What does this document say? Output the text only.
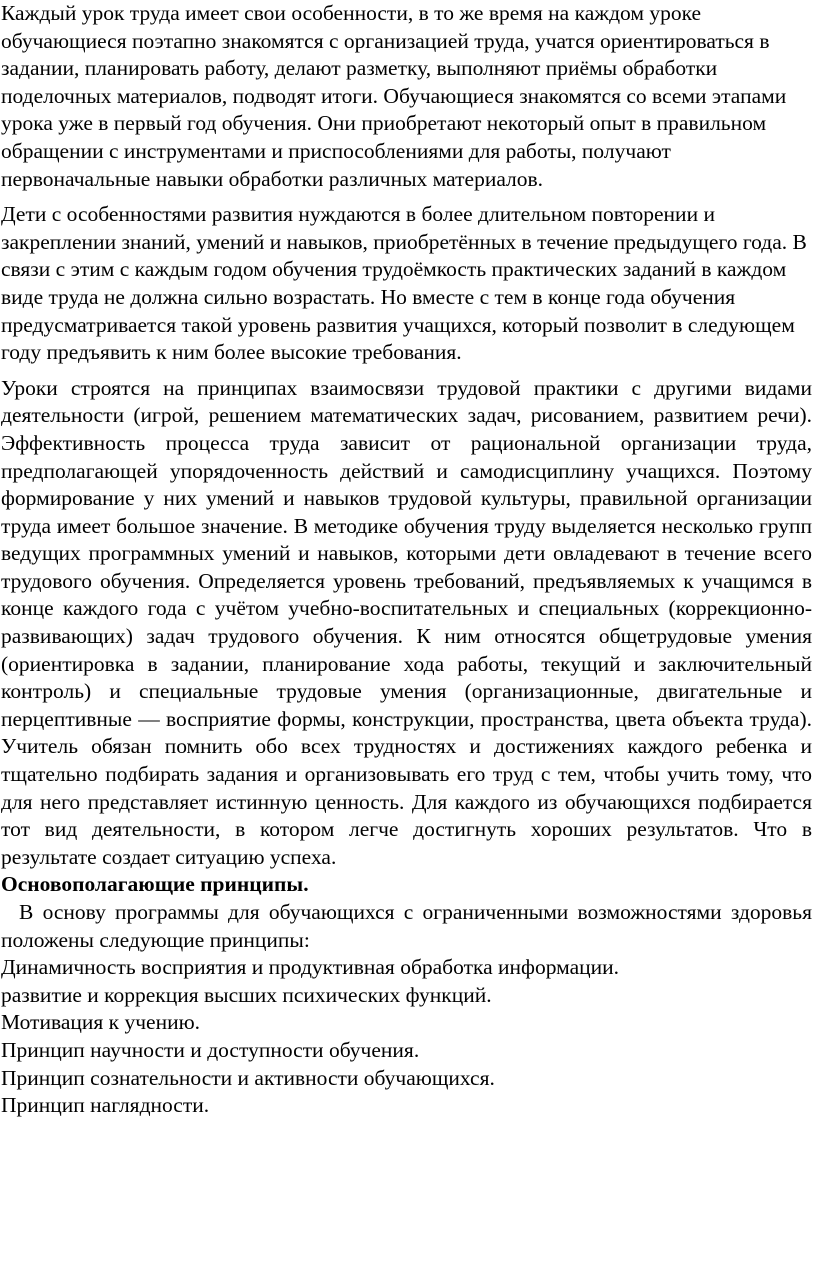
Каждый урок труда имеет свои особенности, в то же время на каждом уроке обучающиеся поэтапно знакомятся с организацией труда, учатся ориентироваться в задании, планировать работу, делают разметку, выполняют приёмы обработки поделочных материалов, подводят итоги. Обучающиеся знакомятся со всеми этапами урока уже в первый год обучения. Они приобретают некоторый опыт в правильном обращении с инструментами и приспособлениями для работы, получают первоначальные навыки обработки различных материалов.

Дети с особенностями развития нуждаются в более длительном повторении и закреплении знаний, умений и навыков, приобретённых в течение предыдущего года. В связи с этим с каждым годом обучения трудоёмкость практических заданий в каждом виде труда не должна сильно возрастать. Но вместе с тем в конце года обучения предусматривается такой уровень развития учащихся, который позволит в следующем году предъявить к ним более высокие требования.

Уроки строятся на принципах взаимосвязи трудовой практики с другими видами деятельности (игрой, решением математических задач, рисованием, развитием речи). Эффективность процесса труда зависит от рациональной организации труда, предполагающей упорядоченность действий и самодисциплину учащихся. Поэтому формирование у них умений и навыков трудовой культуры, правильной организации труда имеет большое значение. В методике обучения труду выделяется несколько групп ведущих программных умений и навыков, которыми дети овладевают в течение всего трудового обучения. Определяется уровень требований, предъявляемых к учащимся в конце каждого года с учётом учебно-воспитательных и специальных (коррекционно-развивающих) задач трудового обучения. К ним относятся общетрудовые умения (ориентировка в задании, планирование хода работы, текущий и заключительный контроль) и специальные трудовые умения (организационные, двигательные и перцептивные — восприятие формы, конструкции, пространства, цвета объекта труда). Учитель обязан помнить обо всех трудностях и достижениях каждого ребенка и тщательно подбирать задания и организовывать его труд с тем, чтобы учить тому, что для него представляет истинную ценность. Для каждого из обучающихся подбирается тот вид деятельности, в котором легче достигнуть хороших результатов. Что в результате создает ситуацию успеха.

Основополагающие принципы.

В основу программы для обучающихся с ограниченными возможностями здоровья положены следующие принципы:

Динамичность восприятия и продуктивная обработка информации.

развитие и коррекция высших психических функций.

Мотивация к учению.

Принцип научности и доступности обучения.

Принцип сознательности и активности обучающихся.

Принцип наглядности.
